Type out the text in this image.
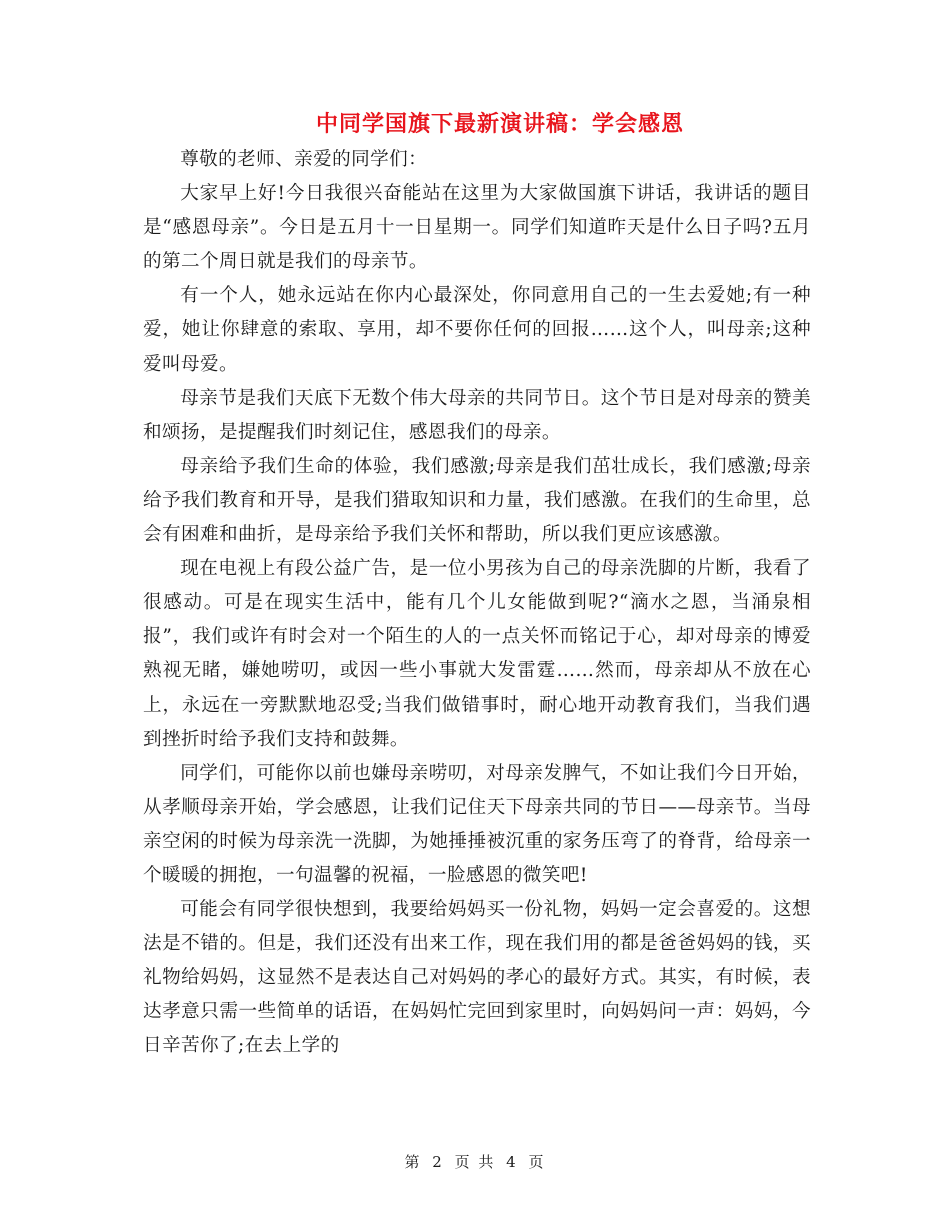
中同学国旗下最新演讲稿：学会感恩

尊敬的老师、亲爱的同学们：

大家早上好!今日我很兴奋能站在这里为大家做国旗下讲话，我讲话的题目是“感恩母亲”。今日是五月十一日星期一。同学们知道昨天是什么日子吗?五月的第二个周日就是我们的母亲节。

有一个人，她永远站在你内心最深处，你同意用自己的一生去爱她;有一种爱，她让你肆意的索取、享用，却不要你任何的回报……这个人，叫母亲;这种爱叫母爱。

母亲节是我们天底下无数个伟大母亲的共同节日。这个节日是对母亲的赞美和颂扬，是提醒我们时刻记住，感恩我们的母亲。

母亲给予我们生命的体验，我们感激;母亲是我们茁壮成长，我们感激;母亲给予我们教育和开导，是我们猎取知识和力量，我们感激。在我们的生命里，总会有困难和曲折，是母亲给予我们关怀和帮助，所以我们更应该感激。

现在电视上有段公益广告，是一位小男孩为自己的母亲洗脚的片断，我看了很感动。可是在现实生活中，能有几个儿女能做到呢?“滴水之恩，当涌泉相报”，我们或许有时会对一个陌生的人的一点关怀而铭记于心，却对母亲的博爱熟视无睹，嫌她唠叨，或因一些小事就大发雷霆……然而，母亲却从不放在心上，永远在一旁默默地忍受;当我们做错事时，耐心地开动教育我们，当我们遇到挫折时给予我们支持和鼓舞。

同学们，可能你以前也嫌母亲唠叨，对母亲发脾气，不如让我们今日开始，从孝顺母亲开始，学会感恩，让我们记住天下母亲共同的节日——母亲节。当母亲空闲的时候为母亲洗一洗脚，为她捶捶被沉重的家务压弯了的脊背，给母亲一个暖暖的拥抱，一句温馨的祝福，一脸感恩的微笑吧!

可能会有同学很快想到，我要给妈妈买一份礼物，妈妈一定会喜爱的。这想法是不错的。但是，我们还没有出来工作，现在我们用的都是爸爸妈妈的钱，买礼物给妈妈，这显然不是表达自己对妈妈的孝心的最好方式。其实，有时候，表达孝意只需一些简单的话语，在妈妈忙完回到家里时，向妈妈问一声：妈妈，今日辛苦你了;在去上学的

第 2 页 共 4 页
